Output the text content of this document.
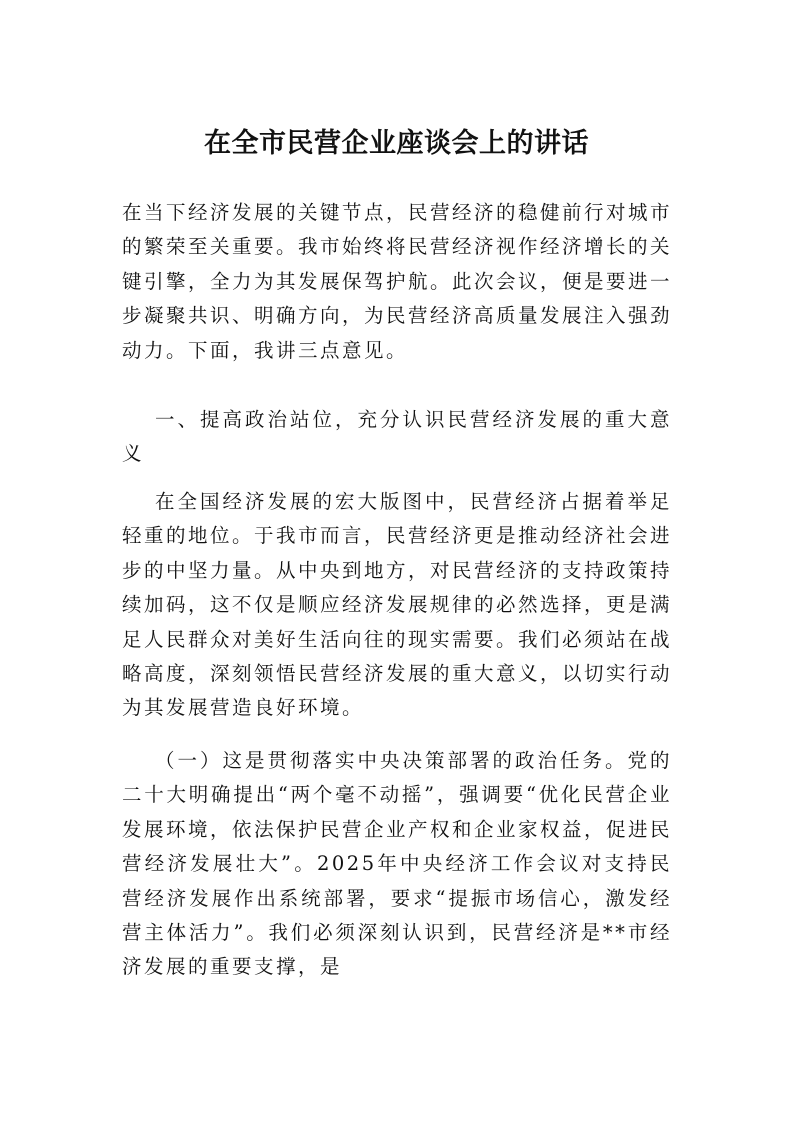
在全市民营企业座谈会上的讲话

在当下经济发展的关键节点，民营经济的稳健前行对城市的繁荣至关重要。我市始终将民营经济视作经济增长的关键引擎，全力为其发展保驾护航。此次会议，便是要进一步凝聚共识、明确方向，为民营经济高质量发展注入强劲动力。下面，我讲三点意见。

一、提高政治站位，充分认识民营经济发展的重大意义

在全国经济发展的宏大版图中，民营经济占据着举足轻重的地位。于我市而言，民营经济更是推动经济社会进步的中坚力量。从中央到地方，对民营经济的支持政策持续加码，这不仅是顺应经济发展规律的必然选择，更是满足人民群众对美好生活向往的现实需要。我们必须站在战略高度，深刻领悟民营经济发展的重大意义，以切实行动为其发展营造良好环境。

（一）这是贯彻落实中央决策部署的政治任务。党的二十大明确提出“两个毫不动摇”，强调要“优化民营企业发展环境，依法保护民营企业产权和企业家权益，促进民营经济发展壮大”。2025年中央经济工作会议对支持民营经济发展作出系统部署，要求“提振市场信心，激发经营主体活力”。我们必须深刻认识到，民营经济是**市经济发展的重要支撑，是
